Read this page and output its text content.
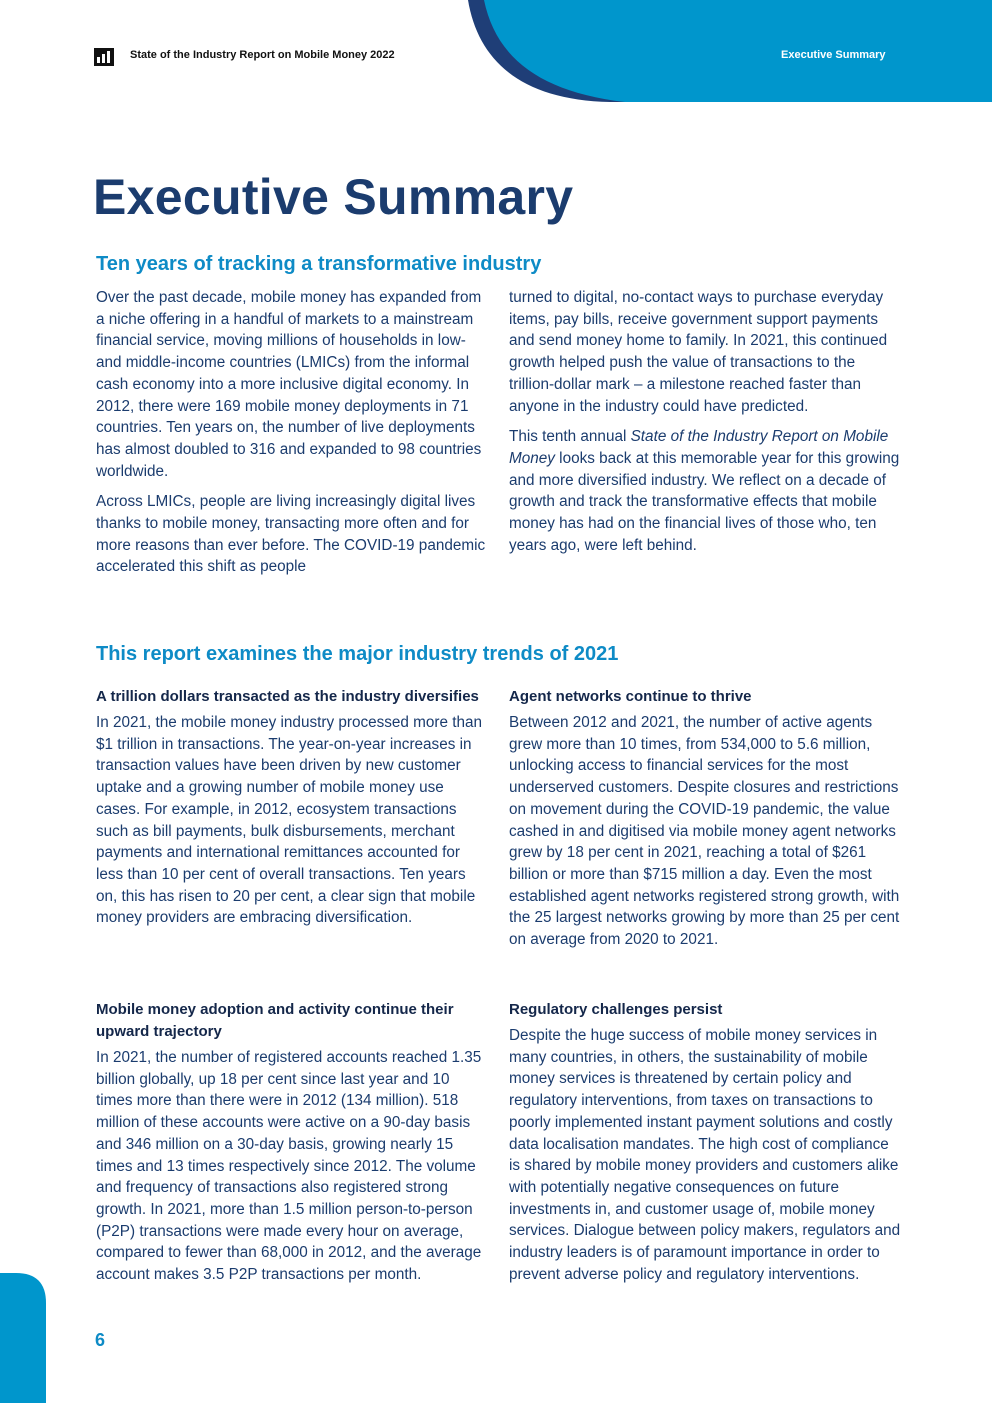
State of the Industry Report on Mobile Money 2022	Executive Summary
Executive Summary
Ten years of tracking a transformative industry

Over the past decade, mobile money has expanded from a niche offering in a handful of markets to a mainstream financial service, moving millions of households in low- and middle-income countries (LMICs) from the informal cash economy into a more inclusive digital economy. In 2012, there were 169 mobile money deployments in 71 countries. Ten years on, the number of live deployments has almost doubled to 316 and expanded to 98 countries worldwide.

Across LMICs, people are living increasingly digital lives thanks to mobile money, transacting more often and for more reasons than ever before. The COVID-19 pandemic accelerated this shift as people

turned to digital, no-contact ways to purchase everyday items, pay bills, receive government support payments and send money home to family. In 2021, this continued growth helped push the value of transactions to the trillion-dollar mark – a milestone reached faster than anyone in the industry could have predicted.

This tenth annual State of the Industry Report on Mobile Money looks back at this memorable year for this growing and more diversified industry. We reflect on a decade of growth and track the transformative effects that mobile money has had on the financial lives of those who, ten years ago, were left behind.

This report examines the major industry trends of 2021
A trillion dollars transacted as the industry diversifies

In 2021, the mobile money industry processed more than $1 trillion in transactions. The year-on-year increases in transaction values have been driven by new customer uptake and a growing number of mobile money use cases. For example, in 2012, ecosystem transactions such as bill payments, bulk disbursements, merchant payments and international remittances accounted for less than 10 per cent of overall transactions. Ten years on, this has risen to 20 per cent, a clear sign that mobile money providers are embracing diversification.

Agent networks continue to thrive

Between 2012 and 2021, the number of active agents grew more than 10 times, from 534,000 to 5.6 million, unlocking access to financial services for the most underserved customers. Despite closures and restrictions on movement during the COVID-19 pandemic, the value cashed in and digitised via mobile money agent networks grew by 18 per cent in 2021, reaching a total of $261 billion or more than $715 million a day. Even the most established agent networks registered strong growth, with the 25 largest networks growing by more than 25 per cent on average from 2020 to 2021.

Mobile money adoption and activity continue their upward trajectory

In 2021, the number of registered accounts reached 1.35 billion globally, up 18 per cent since last year and 10 times more than there were in 2012 (134 million). 518 million of these accounts were active on a 90-day basis and 346 million on a 30-day basis, growing nearly 15 times and 13 times respectively since 2012. The volume and frequency of transactions also registered strong growth. In 2021, more than 1.5 million person-to-person (P2P) transactions were made every hour on average, compared to fewer than 68,000 in 2012, and the average account makes 3.5 P2P transactions per month.

Regulatory challenges persist

Despite the huge success of mobile money services in many countries, in others, the sustainability of mobile money services is threatened by certain policy and regulatory interventions, from taxes on transactions to poorly implemented instant payment solutions and costly data localisation mandates. The high cost of compliance is shared by mobile money providers and customers alike with potentially negative consequences on future investments in, and customer usage of, mobile money services. Dialogue between policy makers, regulators and industry leaders is of paramount importance in order to prevent adverse policy and regulatory interventions.

6
